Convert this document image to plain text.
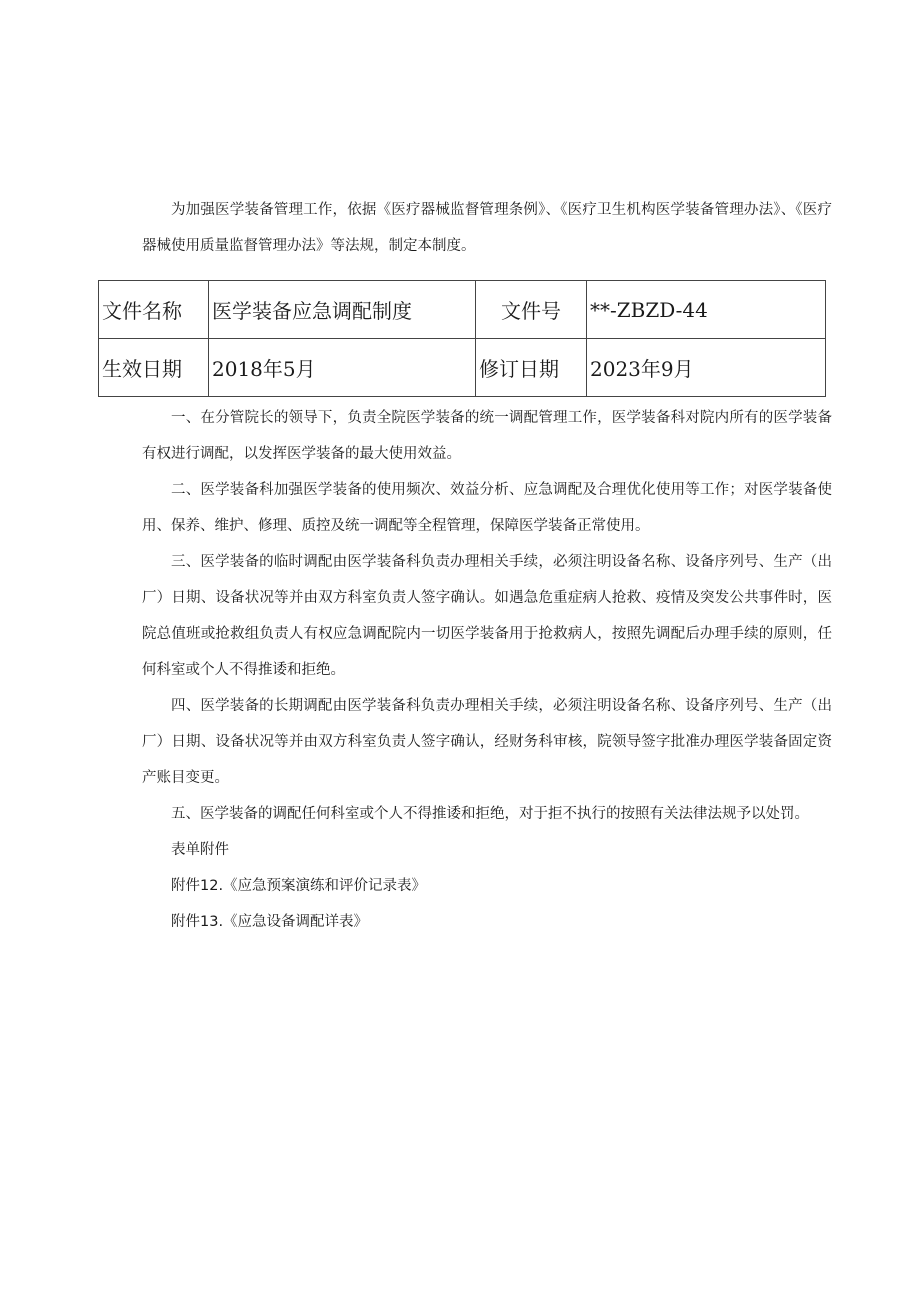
为加强医学装备管理工作，依据《医疗器械监督管理条例》、《医疗卫生机构医学装备管理办法》、《医疗器械使用质量监督管理办法》等法规，制定本制度。

文件名称	医学装备应急调配制度	文件号	**-ZBZD-44
生效日期	2018年5月	修订日期	2023年9月

一、在分管院长的领导下，负责全院医学装备的统一调配管理工作，医学装备科对院内所有的医学装备有权进行调配，以发挥医学装备的最大使用效益。

二、医学装备科加强医学装备的使用频次、效益分析、应急调配及合理优化使用等工作；对医学装备使用、保养、维护、修理、质控及统一调配等全程管理，保障医学装备正常使用。

三、医学装备的临时调配由医学装备科负责办理相关手续，必须注明设备名称、设备序列号、生产（出厂）日期、设备状况等并由双方科室负责人签字确认。如遇急危重症病人抢救、疫情及突发公共事件时，医院总值班或抢救组负责人有权应急调配院内一切医学装备用于抢救病人，按照先调配后办理手续的原则，任何科室或个人不得推诿和拒绝。

四、医学装备的长期调配由医学装备科负责办理相关手续，必须注明设备名称、设备序列号、生产（出厂）日期、设备状况等并由双方科室负责人签字确认，经财务科审核，院领导签字批准办理医学装备固定资产账目变更。

五、医学装备的调配任何科室或个人不得推诿和拒绝，对于拒不执行的按照有关法律法规予以处罚。

表单附件

附件12.《应急预案演练和评价记录表》

附件13.《应急设备调配详表》
